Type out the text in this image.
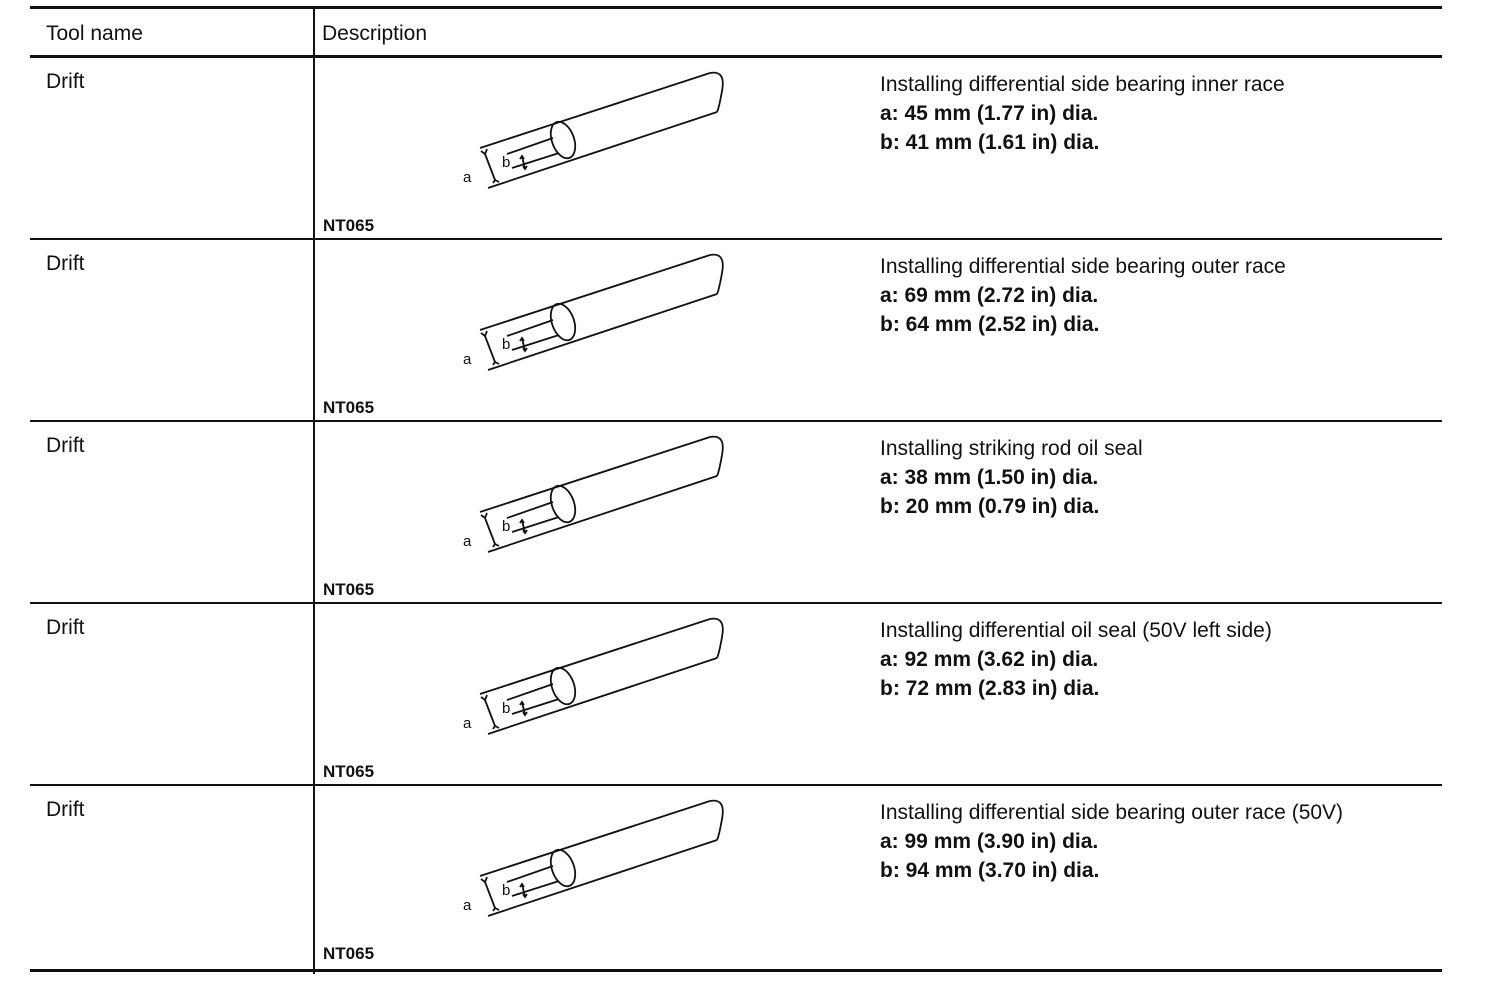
Tool name	Description
Drift
a
b
NT065
Installing differential side bearing inner race
a: 45 mm (1.77 in) dia.
b: 41 mm (1.61 in) dia.
Drift
a
b
NT065
Installing differential side bearing outer race
a: 69 mm (2.72 in) dia.
b: 64 mm (2.52 in) dia.
Drift
a
b
NT065
Installing striking rod oil seal
a: 38 mm (1.50 in) dia.
b: 20 mm (0.79 in) dia.
Drift
a
b
NT065
Installing differential oil seal (50V left side)
a: 92 mm (3.62 in) dia.
b: 72 mm (2.83 in) dia.
Drift
a
b
NT065
Installing differential side bearing outer race (50V)
a: 99 mm (3.90 in) dia.
b: 94 mm (3.70 in) dia.
